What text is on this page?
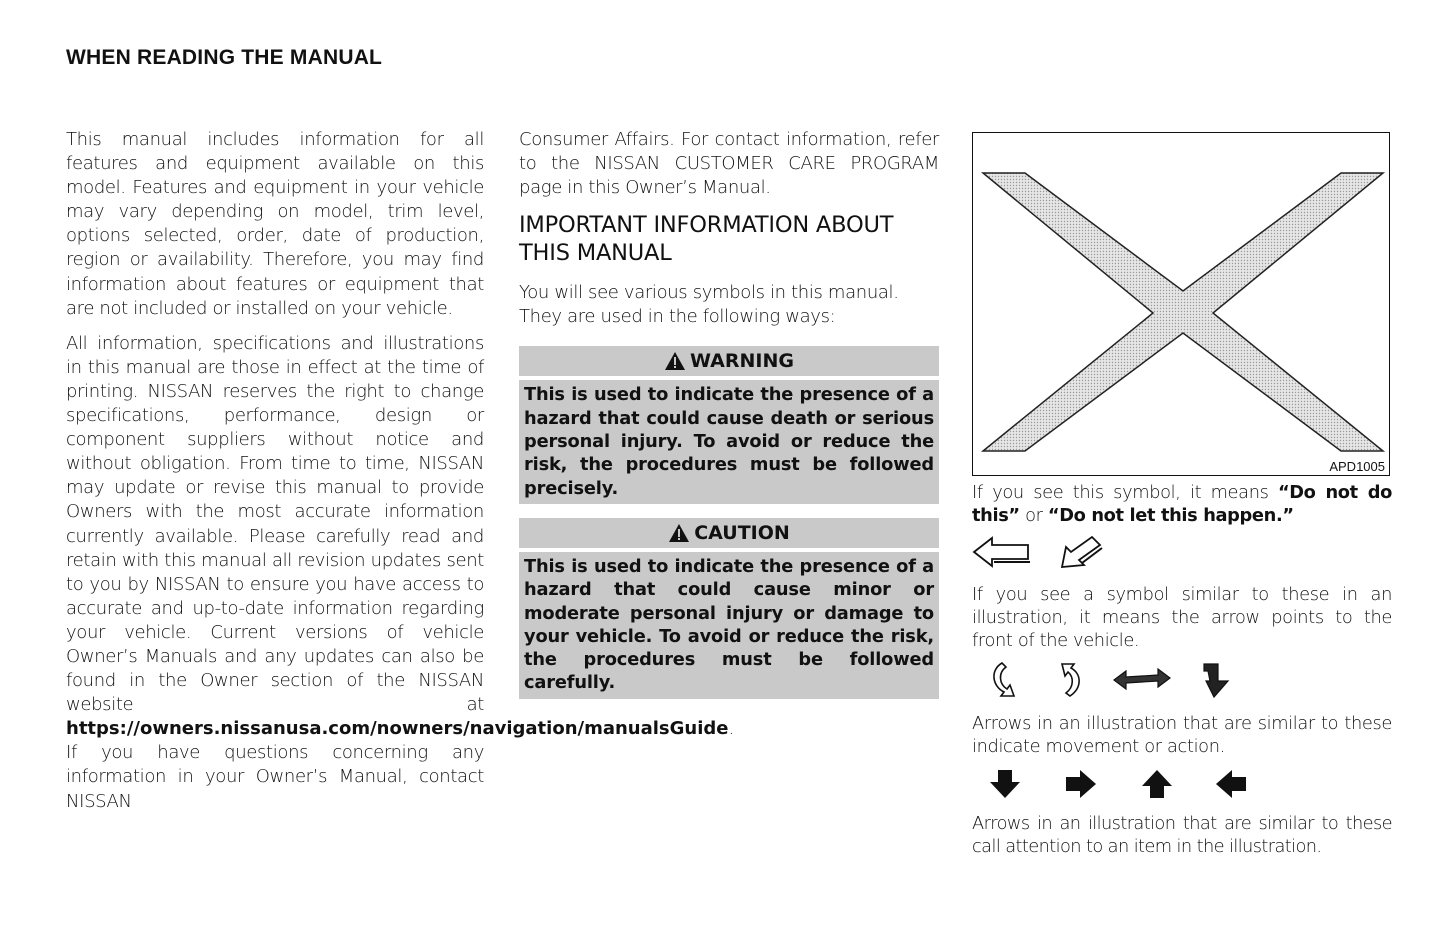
WHEN READING THE MANUAL

This manual includes information for all features and equipment available on this model. Features and equipment in your vehicle may vary depending on model, trim level, options selected, order, date of production, region or availability. Therefore, you may find information about features or equipment that are not included or installed on your vehicle.

All information, specifications and illustrations in this manual are those in effect at the time of printing. NISSAN reserves the right to change specifications, performance, design or component suppliers without notice and without obligation. From time to time, NISSAN may update or revise this manual to provide Owners with the most accurate information currently available. Please carefully read and retain with this manual all revision updates sent to you by NISSAN to ensure you have access to accurate and up-to-date information regarding your vehicle. Current versions of vehicle Owner’s Manuals and any updates can also be found in the Owner section of the NISSAN website at https://owners.nissanusa.com/nowners/navigation/manualsGuide. If you have questions concerning any information in your Owner’s Manual, contact NISSAN

Consumer Affairs. For contact information, refer to the NISSAN CUSTOMER CARE PROGRAM page in this Owner’s Manual.

IMPORTANT INFORMATION ABOUT THIS MANUAL

You will see various symbols in this manual. They are used in the following ways:

WARNING
This is used to indicate the presence of a hazard that could cause death or serious personal injury. To avoid or reduce the risk, the procedures must be followed precisely.
CAUTION
This is used to indicate the presence of a hazard that could cause minor or moderate personal injury or damage to your vehicle. To avoid or reduce the risk, the procedures must be followed carefully.
APD1005

If you see this symbol, it means “Do not do this” or “Do not let this happen.”

If you see a symbol similar to these in an illustration, it means the arrow points to the front of the vehicle.

Arrows in an illustration that are similar to these indicate movement or action.

Arrows in an illustration that are similar to these call attention to an item in the illustration.
